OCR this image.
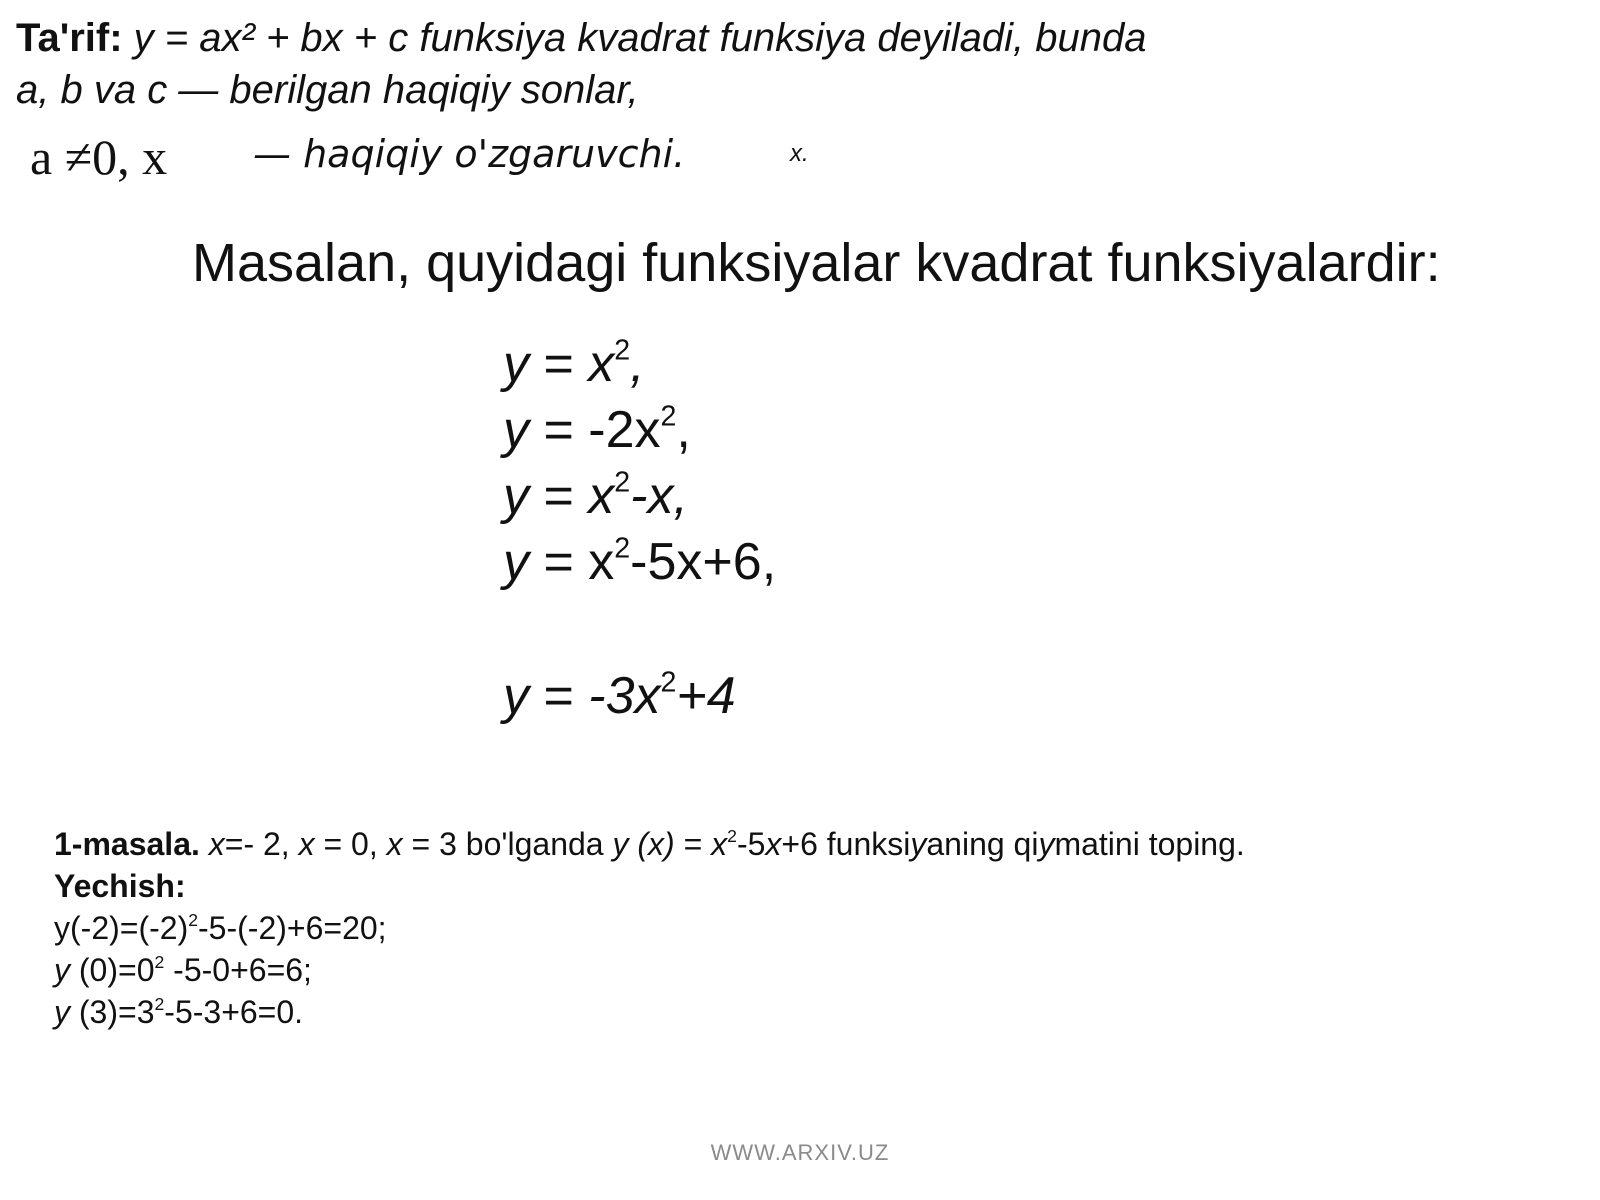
Ta'rif: y = ax² + bx + c funksiya kvadrat funksiya deyiladi, bunda
a, b va c — berilgan haqiqiy sonlar,
a ≠0, x — haqiqiy o'zgaruvchi.	x.
Masalan, quyidagi funksiyalar kvadrat funksiyalardir:
$y = x^2$,
$y = -2x^2$,
$y = x^2-x$,
$y = x^2-5x+6$,
$y = -3x^2+4$
1-masala. x=- 2, x = 0, x = 3 bo'lganda y $(x) = x^2-5x+6$ funksiyaning qiymatini toping.
Yechish:
$y(-2)=(-2)^2-5-(-2)+6=20$;
y $(0)=0^2$ -5-0+6=6;
y $(3)=3^2-5-3+6=0$.
WWW.ARXIV.UZ
